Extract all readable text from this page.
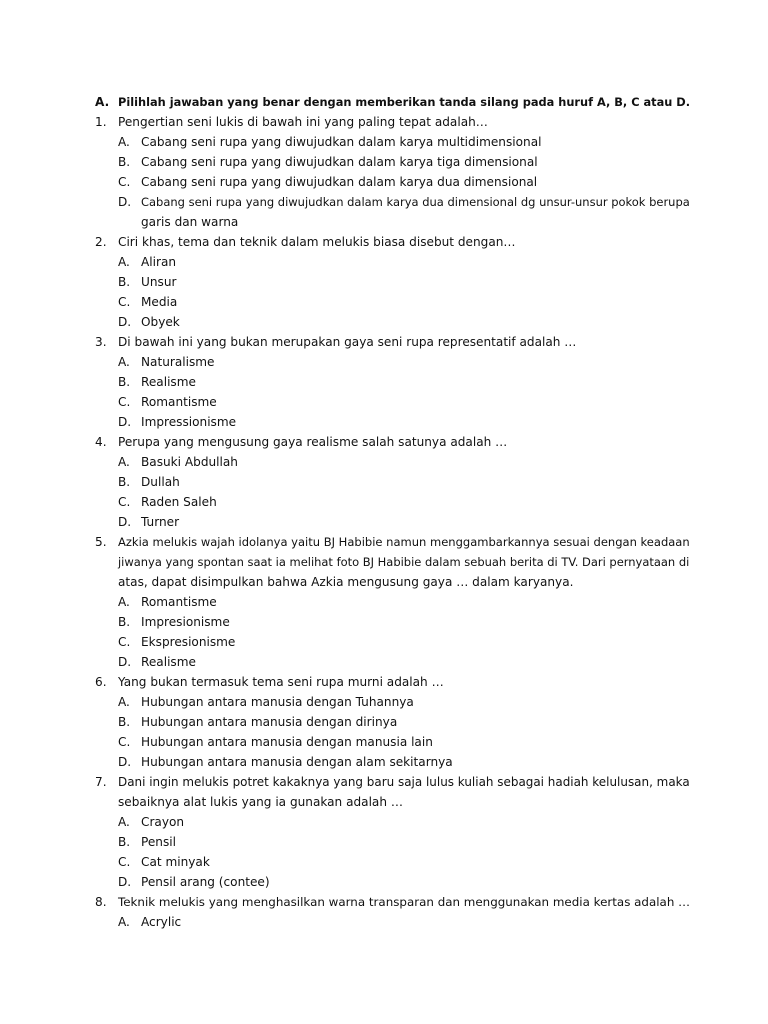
A. Pilihlah jawaban yang benar dengan memberikan tanda silang pada huruf A, B, C atau D.
1. Pengertian seni lukis di bawah ini yang paling tepat adalah…
A. Cabang seni rupa yang diwujudkan dalam karya multidimensional
B. Cabang seni rupa yang diwujudkan dalam karya tiga dimensional
C. Cabang seni rupa yang diwujudkan dalam karya dua dimensional
D. Cabang seni rupa yang diwujudkan dalam karya dua dimensional dg unsur-unsur pokok berupa
garis dan warna
2. Ciri khas, tema dan teknik dalam melukis biasa disebut dengan…
A. Aliran
B. Unsur
C. Media
D. Obyek
3. Di bawah ini yang bukan merupakan gaya seni rupa representatif adalah …
A. Naturalisme
B. Realisme
C. Romantisme
D. Impressionisme
4. Perupa yang mengusung gaya realisme salah satunya adalah …
A. Basuki Abdullah
B. Dullah
C. Raden Saleh
D. Turner
5. Azkia melukis wajah idolanya yaitu BJ Habibie namun menggambarkannya sesuai dengan keadaan
jiwanya yang spontan saat ia melihat foto BJ Habibie dalam sebuah berita di TV. Dari pernyataan di
atas, dapat disimpulkan bahwa Azkia mengusung gaya … dalam karyanya.
A. Romantisme
B. Impresionisme
C. Ekspresionisme
D. Realisme
6. Yang bukan termasuk tema seni rupa murni adalah …
A. Hubungan antara manusia dengan Tuhannya
B. Hubungan antara manusia dengan dirinya
C. Hubungan antara manusia dengan manusia lain
D. Hubungan antara manusia dengan alam sekitarnya
7. Dani ingin melukis potret kakaknya yang baru saja lulus kuliah sebagai hadiah kelulusan, maka
sebaiknya alat lukis yang ia gunakan adalah …
A. Crayon
B. Pensil
C. Cat minyak
D. Pensil arang (contee)
8. Teknik melukis yang menghasilkan warna transparan dan menggunakan media kertas adalah …
A. Acrylic
